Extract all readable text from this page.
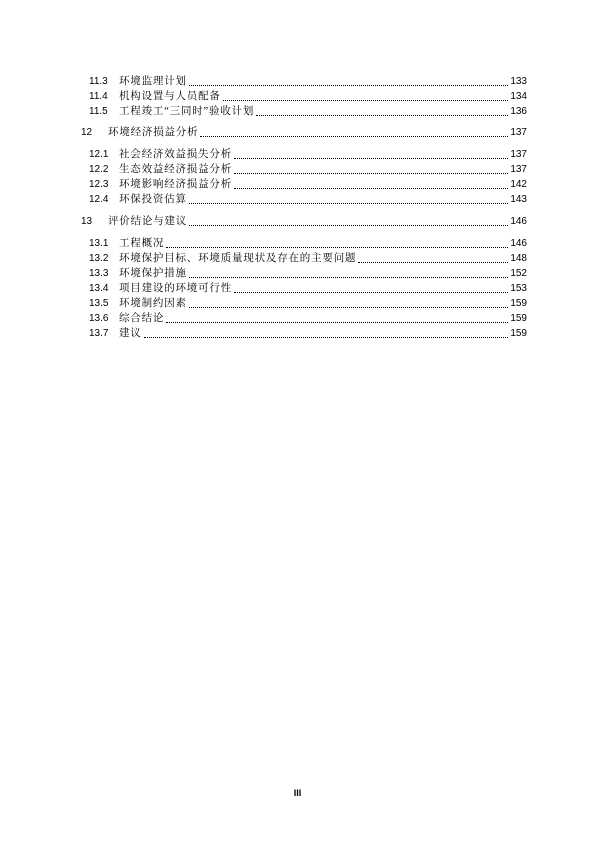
11.3	环境监理计划	133
11.4	机构设置与人员配备	134
11.5	工程竣工“三同时”验收计划	136
12	环境经济损益分析	137
12.1	社会经济效益损失分析	137
12.2	生态效益经济损益分析	137
12.3	环境影响经济损益分析	142
12.4	环保投资估算	143
13	评价结论与建议	146
13.1	工程概况	146
13.2	环境保护目标、环境质量现状及存在的主要问题	148
13.3	环境保护措施	152
13.4	项目建设的环境可行性	153
13.5	环境制约因素	159
13.6	综合结论	159
13.7	建议	159
III
